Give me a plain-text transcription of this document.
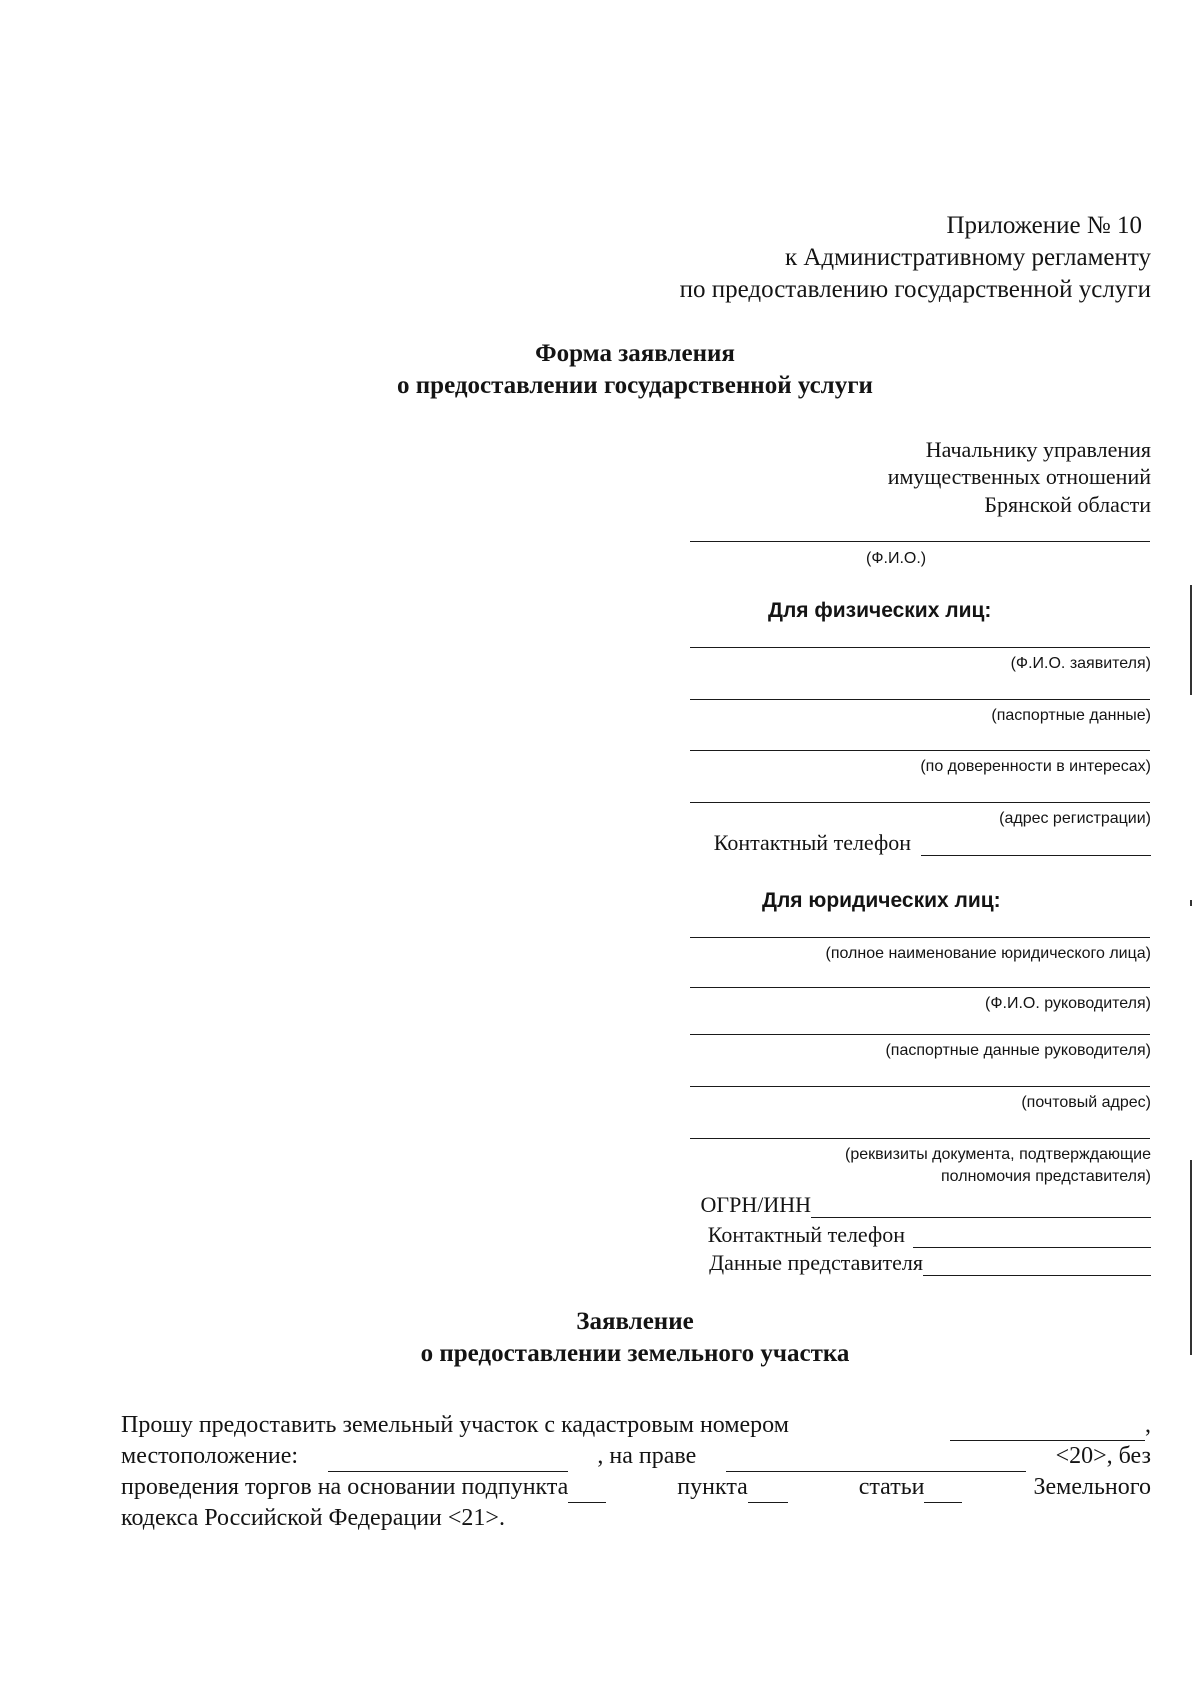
Приложение № 10
к Административному регламенту
по предоставлению государственной услуги
Форма заявления
о предоставлении государственной услуги
Начальнику управления
имущественных отношений
Брянской области
(Ф.И.О.)
Для физических лиц:
(Ф.И.О. заявителя)
(паспортные данные)
(по доверенности в интересах)
(адрес регистрации)
Контактный телефон
Для юридических лиц:
(полное наименование юридического лица)
(Ф.И.О. руководителя)
(паспортные данные руководителя)
(почтовый адрес)
(реквизиты документа, подтверждающие
полномочия представителя)
ОГРН/ИНН
Контактный телефон
Данные представителя
Заявление
о предоставлении земельного участка
Прошу предоставить земельный участок с кадастровым номером	,
местоположение:	, на праве	<20>, без
проведения торгов на основании подпункта	пункта	статьи	Земельного
кодекса Российской Федерации <21>.
